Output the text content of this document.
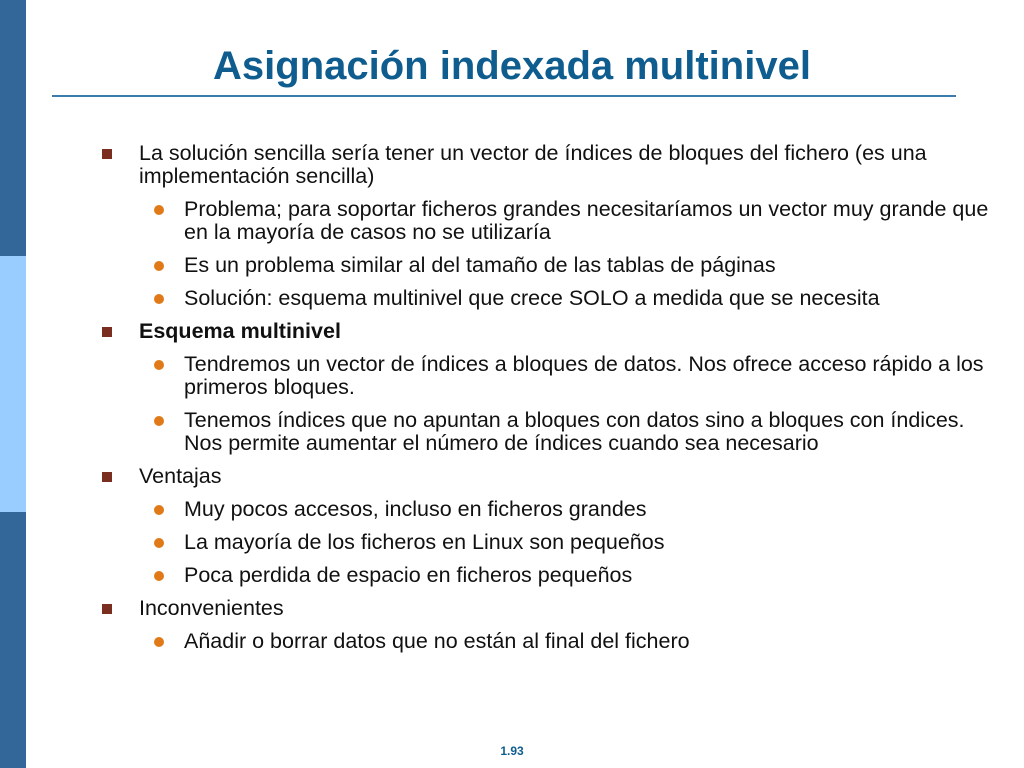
Asignación indexada multinivel
La solución sencilla sería tener un vector de índices de bloques del fichero (es una implementación sencilla)
Problema; para soportar ficheros grandes necesitaríamos un vector muy grande que en la mayoría de casos no se utilizaría
Es un problema similar al del tamaño de las tablas de páginas
Solución: esquema multinivel que crece SOLO a medida que se necesita
Esquema multinivel
Tendremos un vector de índices a bloques de datos. Nos ofrece acceso rápido a los primeros bloques.
Tenemos índices que no apuntan a bloques con datos sino a bloques con índices. Nos permite aumentar el número de índices cuando sea necesario
Ventajas
Muy pocos accesos, incluso en ficheros grandes
La mayoría de los ficheros en Linux son pequeños
Poca perdida de espacio en ficheros pequeños
Inconvenientes
Añadir o borrar datos que no están al final del fichero
1.93
